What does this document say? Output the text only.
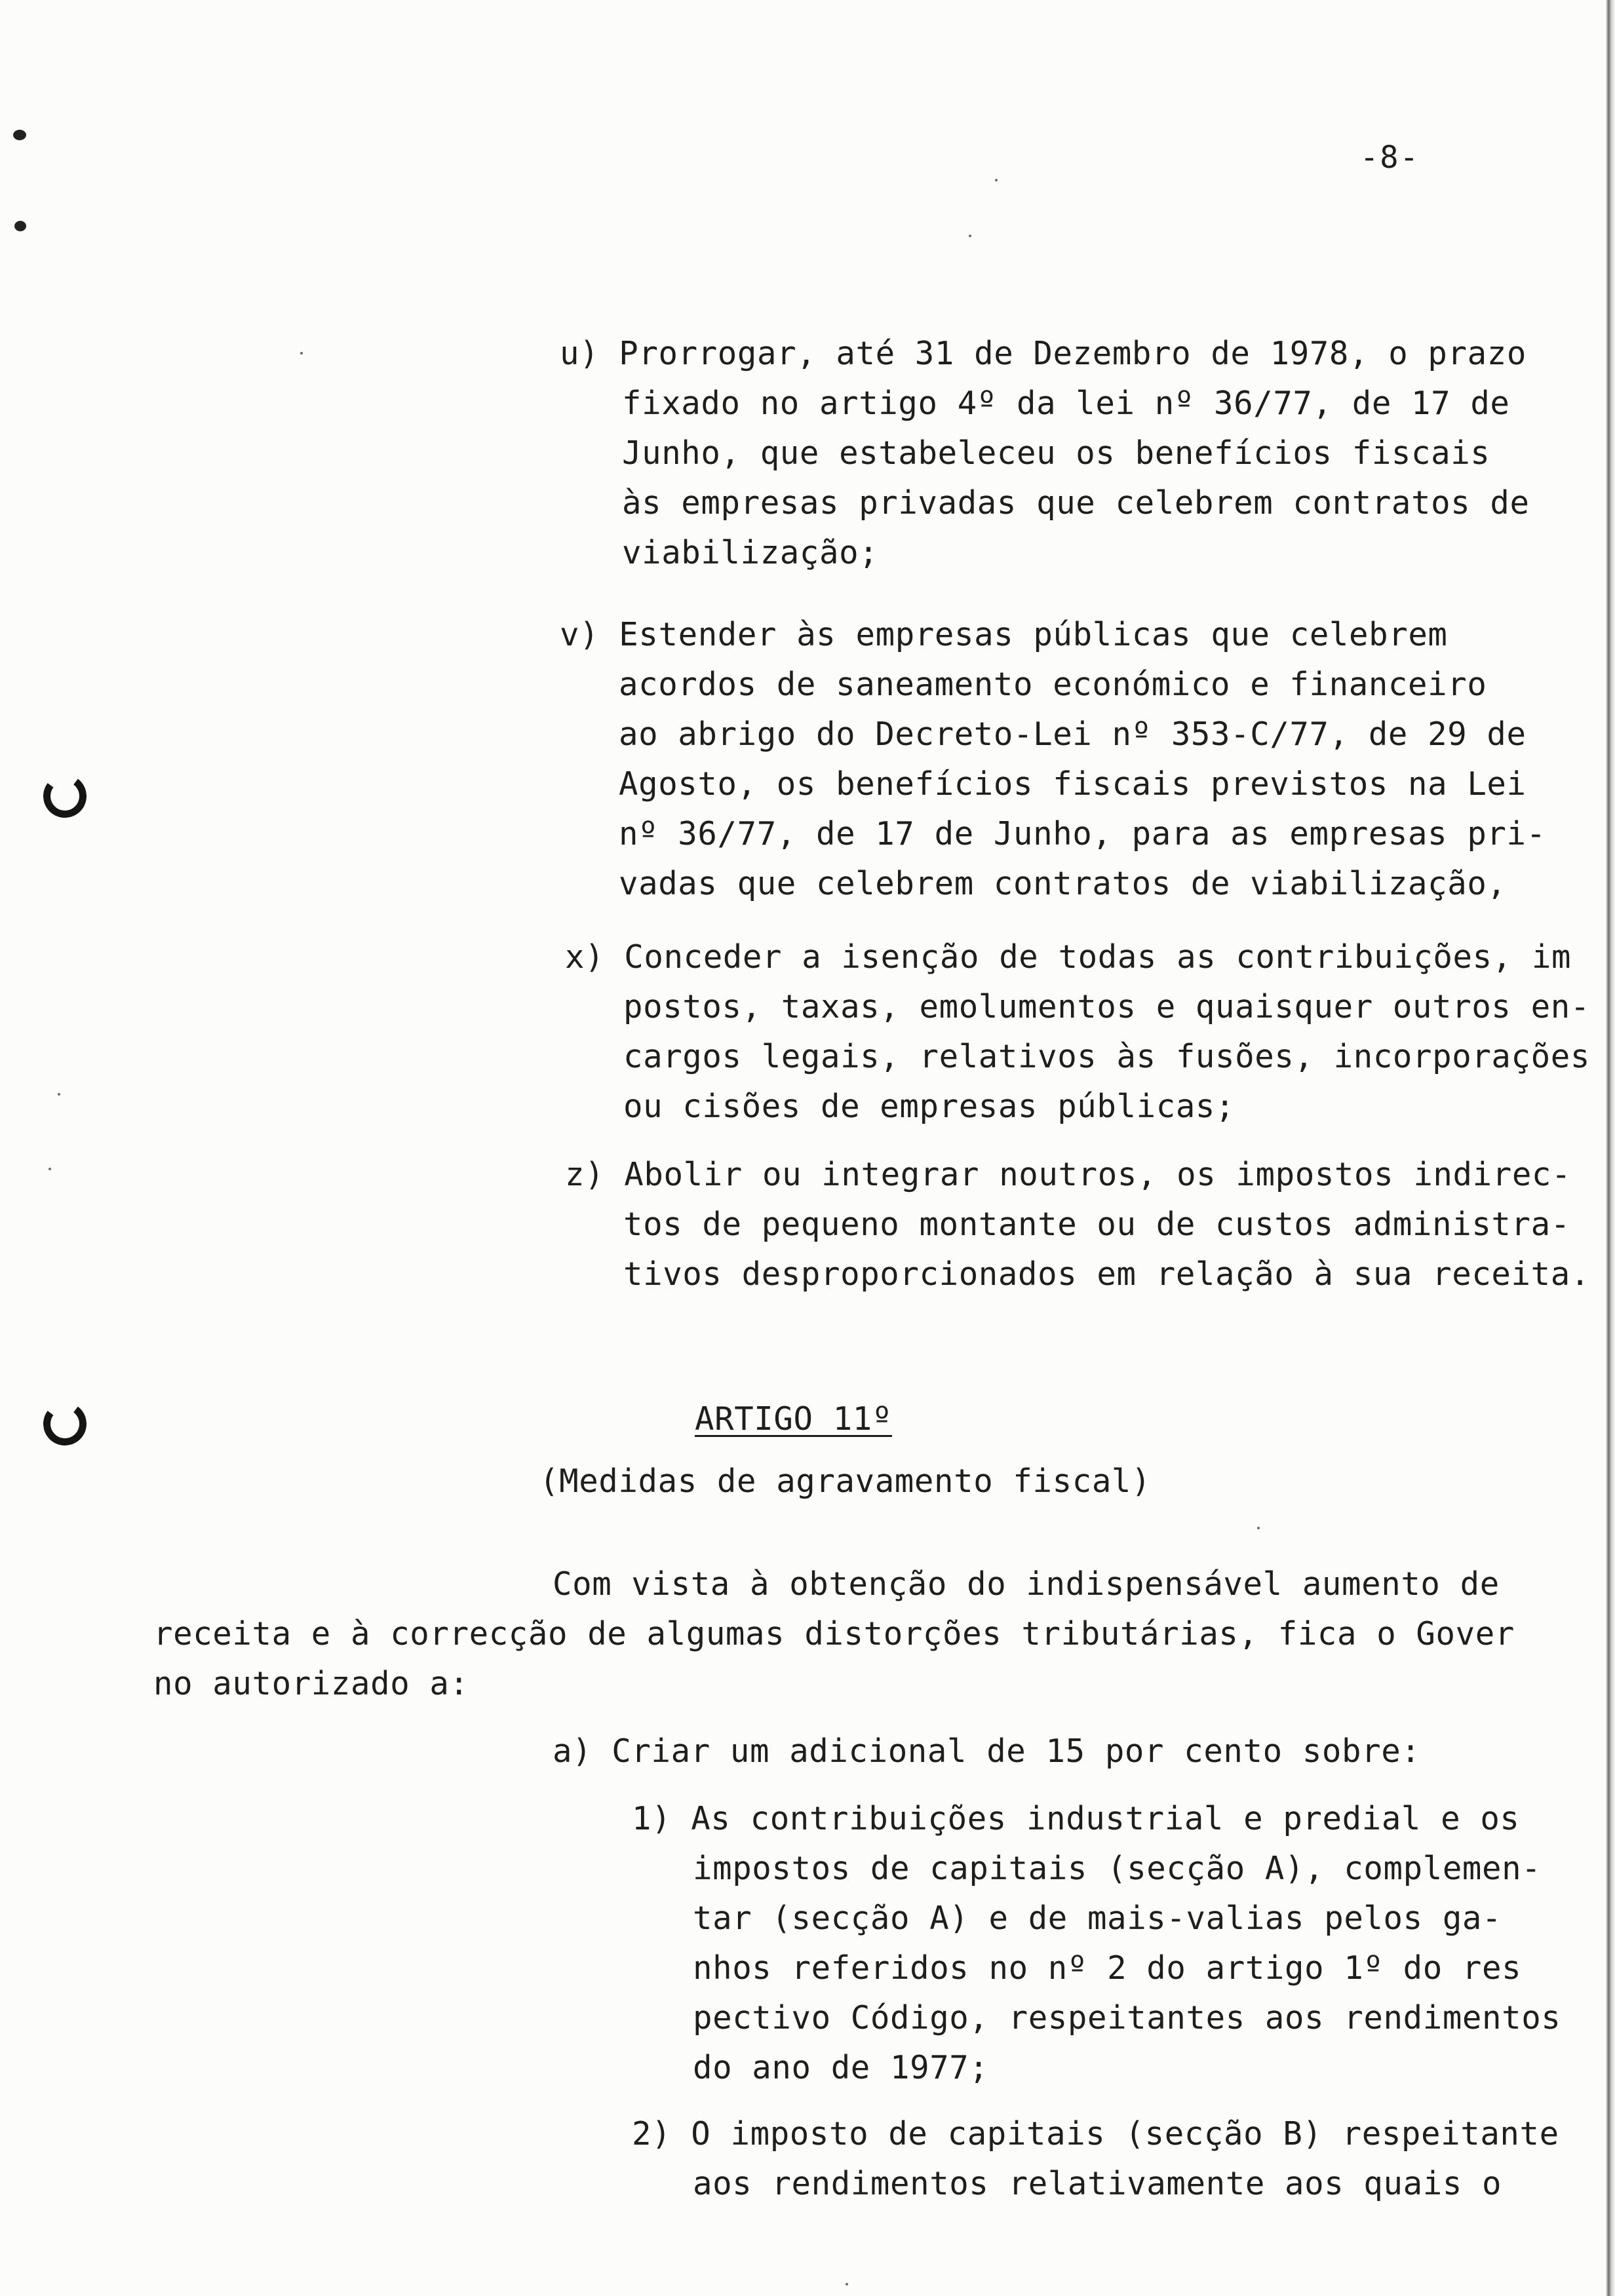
-8-
u) Prorrogar, até 31 de Dezembro de 1978, o prazo
fixado no artigo 4º da lei nº 36/77, de 17 de
Junho, que estabeleceu os benefícios fiscais
às empresas privadas que celebrem contratos de
viabilização;
v) Estender às empresas públicas que celebrem
acordos de saneamento económico e financeiro
ao abrigo do Decreto-Lei nº 353-C/77, de 29 de
Agosto, os benefícios fiscais previstos na Lei
nº 36/77, de 17 de Junho, para as empresas pri-
vadas que celebrem contratos de viabilização,
x) Conceder a isenção de todas as contribuições, im
postos, taxas, emolumentos e quaisquer outros en-
cargos legais, relativos às fusões, incorporações
ou cisões de empresas públicas;
z) Abolir ou integrar noutros, os impostos indirec-
tos de pequeno montante ou de custos administra-
tivos desproporcionados em relação à sua receita.
ARTIGO 11º
(Medidas de agravamento fiscal)
Com vista à obtenção do indispensável aumento de
receita e à correcção de algumas distorções tributárias, fica o Gover
no autorizado a:
a) Criar um adicional de 15 por cento sobre:
1) As contribuições industrial e predial e os
impostos de capitais (secção A), complemen-
tar (secção A) e de mais-valias pelos ga-
nhos referidos no nº 2 do artigo 1º do res
pectivo Código, respeitantes aos rendimentos
do ano de 1977;
2) O imposto de capitais (secção B) respeitante
aos rendimentos relativamente aos quais o
